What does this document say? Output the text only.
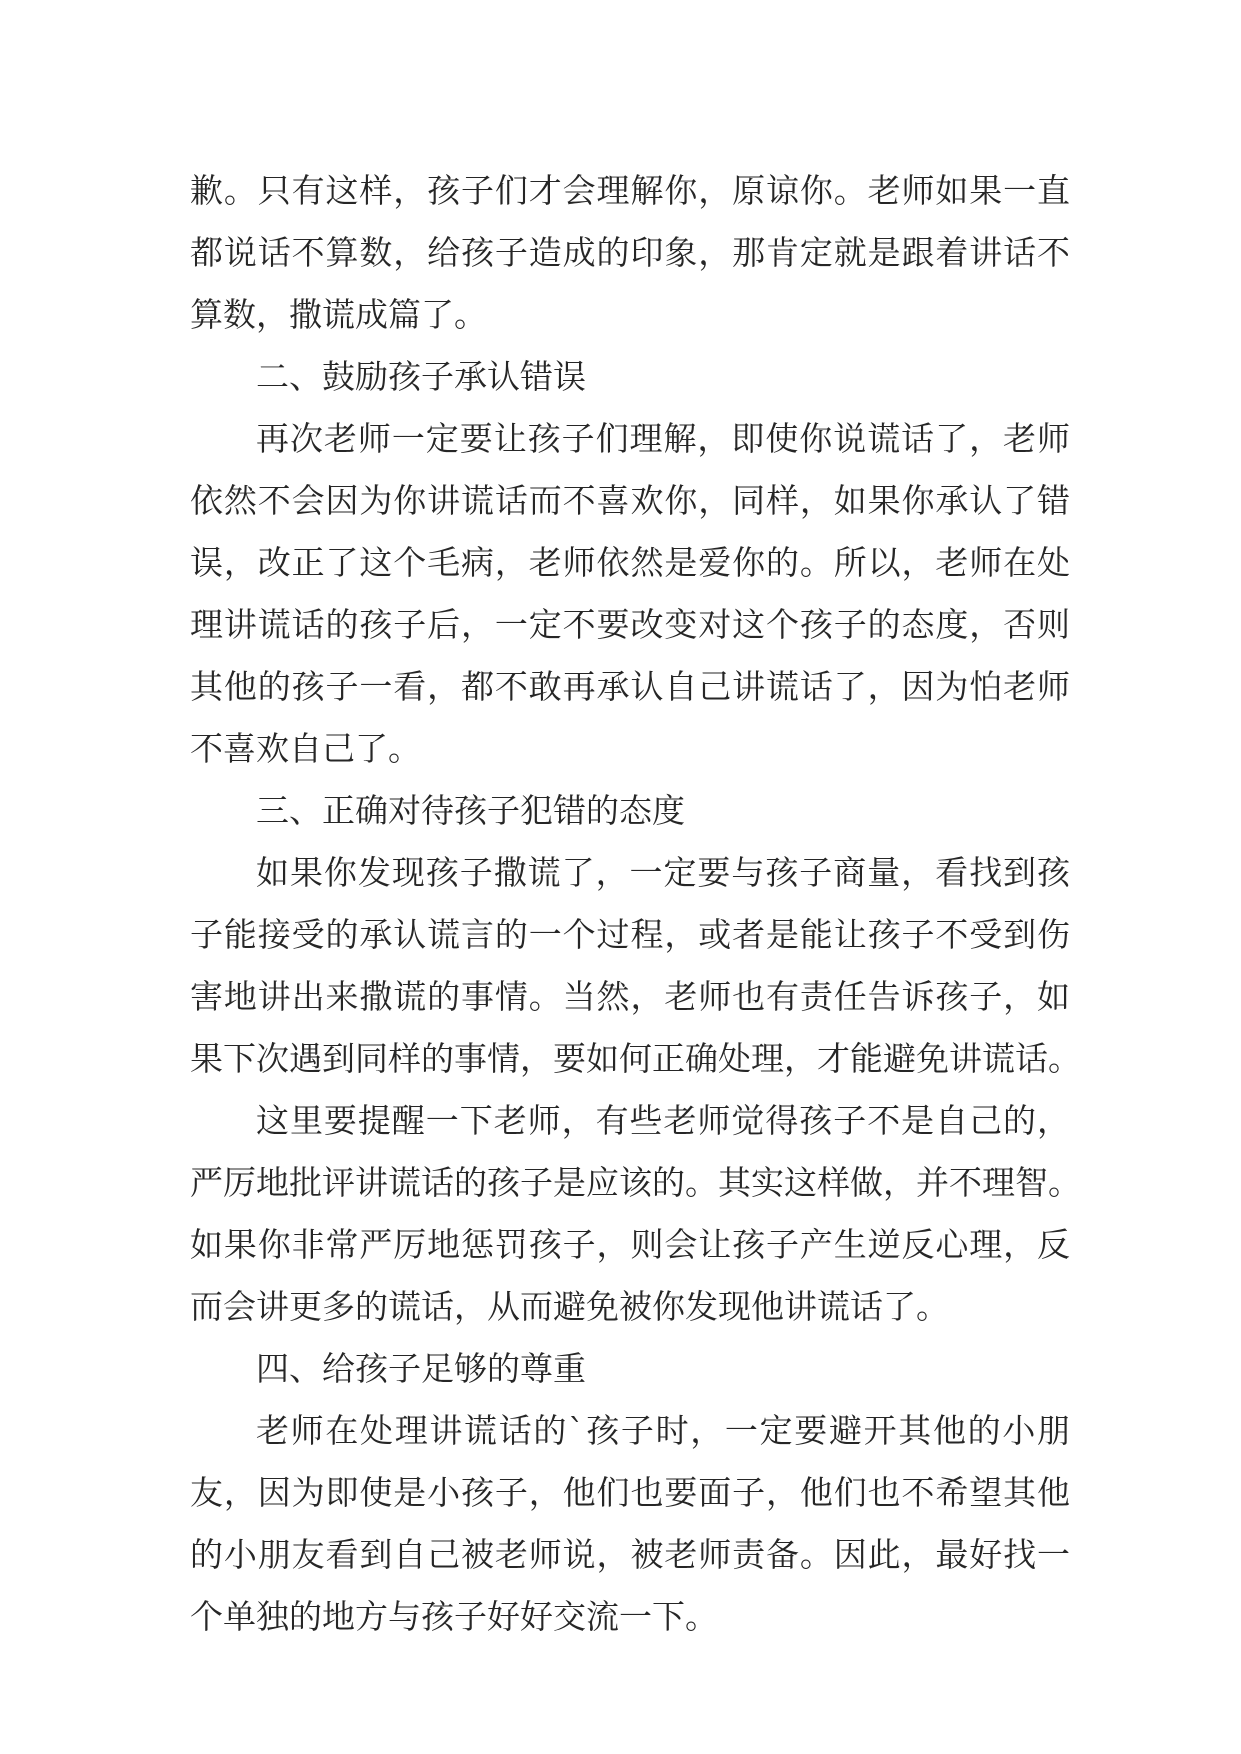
歉。只有这样，孩子们才会理解你，原谅你。老师如果一直
都说话不算数，给孩子造成的印象，那肯定就是跟着讲话不
算数，撒谎成篇了。
二、鼓励孩子承认错误
再次老师一定要让孩子们理解，即使你说谎话了，老师
依然不会因为你讲谎话而不喜欢你，同样，如果你承认了错
误，改正了这个毛病，老师依然是爱你的。所以，老师在处
理讲谎话的孩子后，一定不要改变对这个孩子的态度，否则
其他的孩子一看，都不敢再承认自己讲谎话了，因为怕老师
不喜欢自己了。
三、正确对待孩子犯错的态度
如果你发现孩子撒谎了，一定要与孩子商量，看找到孩
子能接受的承认谎言的一个过程，或者是能让孩子不受到伤
害地讲出来撒谎的事情。当然，老师也有责任告诉孩子，如
果下次遇到同样的事情，要如何正确处理，才能避免讲谎话。
这里要提醒一下老师，有些老师觉得孩子不是自己的，
严厉地批评讲谎话的孩子是应该的。其实这样做，并不理智。
如果你非常严厉地惩罚孩子，则会让孩子产生逆反心理，反
而会讲更多的谎话，从而避免被你发现他讲谎话了。
四、给孩子足够的尊重
老师在处理讲谎话的`孩子时，一定要避开其他的小朋
友，因为即使是小孩子，他们也要面子，他们也不希望其他
的小朋友看到自己被老师说，被老师责备。因此，最好找一
个单独的地方与孩子好好交流一下。
